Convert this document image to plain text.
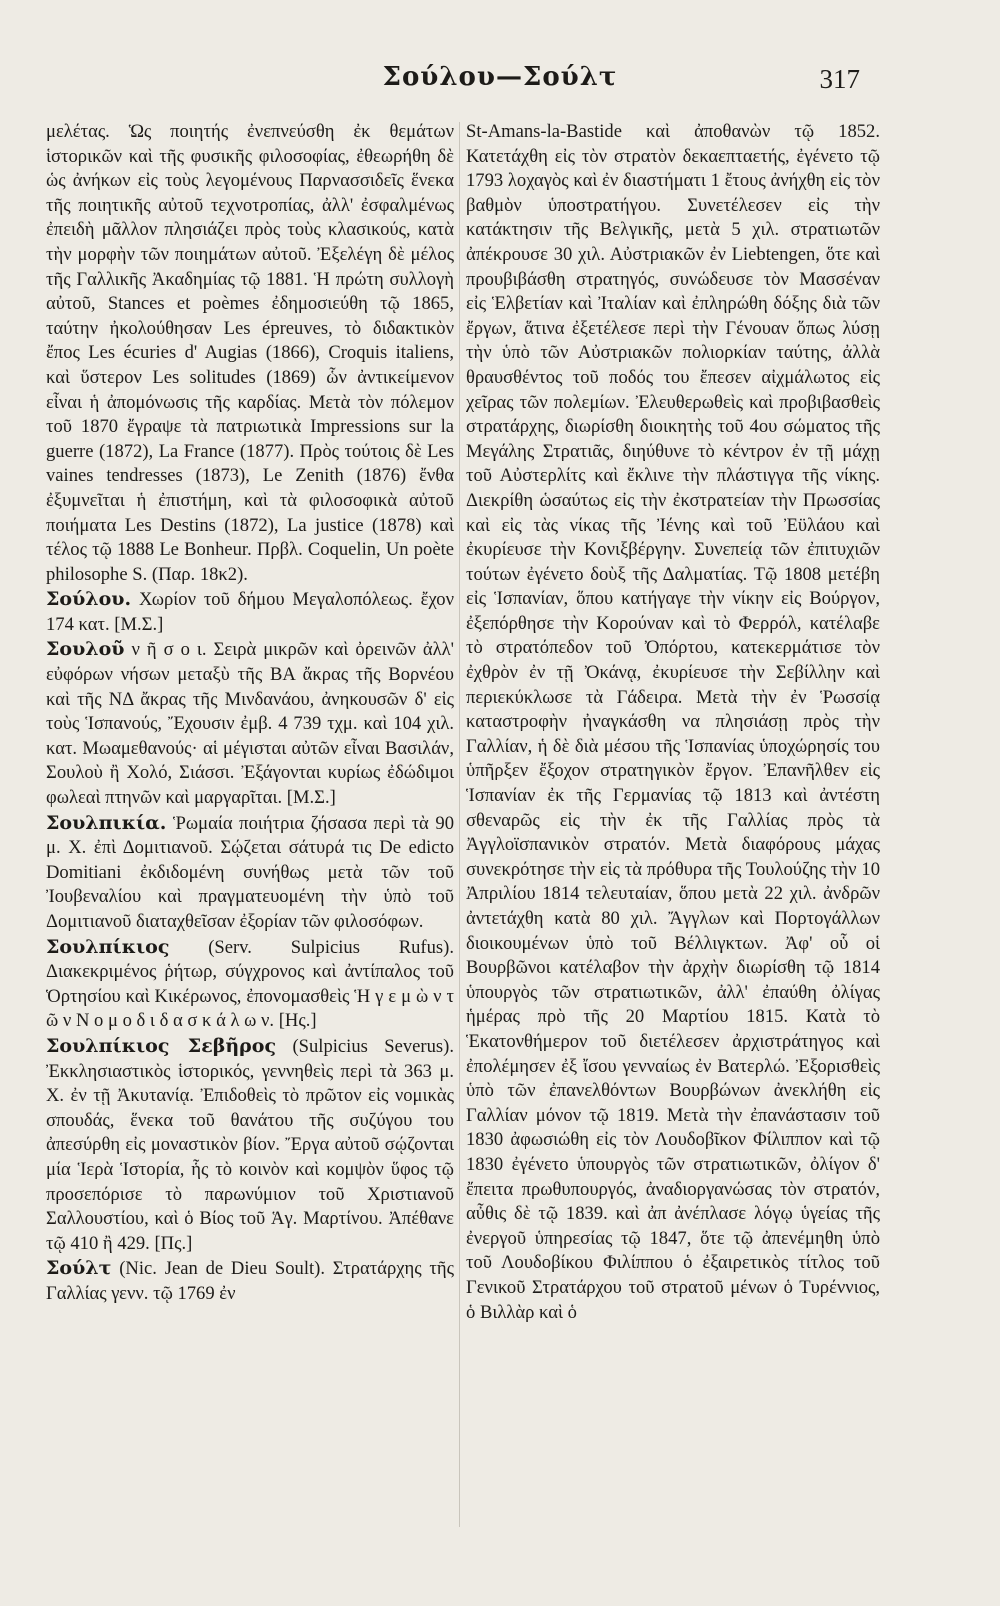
Σούλου—Σούλτ	317

μελέτας. Ὡς ποιητής ἐνεπνεύσθη ἐκ θεμάτων ἱστορικῶν καὶ τῆς φυσικῆς φιλοσοφίας, ἐθεωρήθη δὲ ὡς ἀνήκων εἰς τοὺς λεγομένους Παρνασσιδεῖς ἕνεκα τῆς ποιητικῆς αὐτοῦ τεχνοτροπίας, ἀλλ' ἐσφαλμένως ἐπειδὴ μᾶλλον πλησιάζει πρὸς τοὺς κλασικούς, κατὰ τὴν μορφὴν τῶν ποιημάτων αὐτοῦ. Ἐξελέγη δὲ μέλος τῆς Γαλλικῆς Ἀκαδημίας τῷ 1881. Ἡ πρώτη συλλογὴ αὐτοῦ, Stances et poèmes ἐδημοσιεύθη τῷ 1865, ταύτην ἠκολούθησαν Les épreuves, τὸ διδακτικὸν ἔπος Les écuries d' Augias (1866), Croquis italiens, καὶ ὕστερον Les solitudes (1869) ὧν ἀντικείμενον εἶναι ἡ ἀπομόνωσις τῆς καρδίας. Μετὰ τὸν πόλεμον τοῦ 1870 ἔγραψε τὰ πατριωτικὰ Impressions sur la guerre (1872), La France (1877). Πρὸς τούτοις δὲ Les vaines tendresses (1873), Le Zenith (1876) ἔνθα ἐξυμνεῖται ἡ ἐπιστήμη, καὶ τὰ φιλοσοφικὰ αὐτοῦ ποιήματα Les Destins (1872), La justice (1878) καὶ τέλος τῷ 1888 Le Bonheur. Πρβλ. Coquelin, Un poète philosophe S. (Παρ. 18κ2).

Σούλου. Χωρίον τοῦ δήμου Μεγαλοπόλεως. ἔχον 174 κατ. [Μ.Σ.]

Σουλοῦ ν ῆ σ ο ι. Σειρὰ μικρῶν καὶ ὀρεινῶν ἀλλ' εὐφόρων νήσων μεταξὺ τῆς ΒΑ ἄκρας τῆς Βορνέου καὶ τῆς ΝΔ ἄκρας τῆς Μινδανάου, ἀνηκουσῶν δ' εἰς τοὺς Ἱσπανούς, Ἔχουσιν ἐμβ. 4 739 τχμ. καὶ 104 χιλ. κατ. Μωαμεθανούς· αἱ μέγισται αὐτῶν εἶναι Βασιλάν, Σουλοὺ ἢ Χολό, Σιάσσι. Ἐξάγονται κυρίως ἐδώδιμοι φωλεαὶ πτηνῶν καὶ μαργαρῖται. [Μ.Σ.]

Σουλπικία. Ῥωμαία ποιήτρια ζήσασα περὶ τὰ 90 μ. Χ. ἐπὶ Δομιτιανοῦ. Σῴζεται σάτυρά τις De edicto Domitiani ἐκδιδομένη συνήθως μετὰ τῶν τοῦ Ἰουβεναλίου καὶ πραγματευομένη τὴν ὑπὸ τοῦ Δομιτιανοῦ διαταχθεῖσαν ἐξορίαν τῶν φιλοσόφων.

Σουλπίκιος (Serv. Sulpicius Rufus). Διακεκριμένος ῥήτωρ, σύγχρονος καὶ ἀντίπαλος τοῦ Ὁρτησίου καὶ Κικέρωνος, ἐπονομασθεὶς Ἡ γ ε μ ὼ ν τ ῶ ν Ν ο μ ο δ ι δ α σ κ ά λ ω ν. [Ης.]

Σουλπίκιος Σεβῆρος (Sulpicius Severus). Ἐκκλησιαστικὸς ἱστορικός, γεννηθεὶς περὶ τὰ 363 μ. Χ. ἐν τῇ Ἀκυτανίᾳ. Ἐπιδοθεὶς τὸ πρῶτον εἰς νομικὰς σπουδάς, ἕνεκα τοῦ θανάτου τῆς συζύγου του ἀπεσύρθη εἰς μοναστικὸν βίον. Ἔργα αὐτοῦ σῴζονται μία Ἱερὰ Ἱστορία, ἧς τὸ κοινὸν καὶ κομψὸν ὕφος τῷ προσεπόρισε τὸ παρωνύμιον τοῦ Χριστιανοῦ Σαλλουστίου, καὶ ὁ Βίος τοῦ Ἁγ. Μαρτίνου. Ἀπέθανε τῷ 410 ἢ 429. [Πς.]

Σούλτ (Nic. Jean de Dieu Soult). Στρατάρχης τῆς Γαλλίας γενν. τῷ 1769 ἐν

St-Amans-la-Bastide καὶ ἀποθανὼν τῷ 1852. Κατετάχθη εἰς τὸν στρατὸν δεκαεπταετής, ἐγένετο τῷ 1793 λοχαγὸς καὶ ἐν διαστήματι 1 ἔτους ἀνήχθη εἰς τὸν βαθμὸν ὑποστρατήγου. Συνετέλεσεν εἰς τὴν κατάκτησιν τῆς Βελγικῆς, μετὰ 5 χιλ. στρατιωτῶν ἀπέκρουσε 30 χιλ. Αὐστριακῶν ἐν Liebtengen, ὅτε καὶ προυβιβάσθη στρατηγός, συνώδευσε τὸν Μασσέναν εἰς Ἑλβετίαν καὶ Ἰταλίαν καὶ ἐπληρώθη δόξης διὰ τῶν ἔργων, ἅτινα ἐξετέλεσε περὶ τὴν Γένουαν ὅπως λύσῃ τὴν ὑπὸ τῶν Αὐστριακῶν πολιορκίαν ταύτης, ἀλλὰ θραυσθέντος τοῦ ποδός του ἔπεσεν αἰχμάλωτος εἰς χεῖρας τῶν πολεμίων. Ἐλευθερωθεὶς καὶ προβιβασθεὶς στρατάρχης, διωρίσθη διοικητὴς τοῦ 4ου σώματος τῆς Μεγάλης Στρατιᾶς, διηύθυνε τὸ κέντρον ἐν τῇ μάχῃ τοῦ Αὐστερλίτς καὶ ἔκλινε τὴν πλάστιγγα τῆς νίκης. Διεκρίθη ὡσαύτως εἰς τὴν ἐκστρατείαν τὴν Πρωσσίας καὶ εἰς τὰς νίκας τῆς Ἰένης καὶ τοῦ Ἐϋλάου καὶ ἐκυρίευσε τὴν Κονιξβέργην. Συνεπείᾳ τῶν ἐπιτυχιῶν τούτων ἐγένετο δοὺξ τῆς Δαλματίας. Τῷ 1808 μετέβη εἰς Ἱσπανίαν, ὅπου κατήγαγε τὴν νίκην εἰς Βούργον, ἐξεπόρθησε τὴν Κορούναν καὶ τὸ Φερρόλ, κατέλαβε τὸ στρατόπεδον τοῦ Ὀπόρτου, κατεκερμάτισε τὸν ἐχθρὸν ἐν τῇ Ὀκάνᾳ, ἐκυρίευσε τὴν Σεβίλλην καὶ περιεκύκλωσε τὰ Γάδειρα. Μετὰ τὴν ἐν Ῥωσσίᾳ καταστροφὴν ἠναγκάσθη να πλησιάσῃ πρὸς τὴν Γαλλίαν, ἡ δὲ διὰ μέσου τῆς Ἱσπανίας ὑποχώρησίς του ὑπῆρξεν ἔξοχον στρατηγικὸν ἔργον. Ἐπανῆλθεν εἰς Ἱσπανίαν ἐκ τῆς Γερμανίας τῷ 1813 καὶ ἀντέστη σθεναρῶς εἰς τὴν ἐκ τῆς Γαλλίας πρὸς τὰ Ἀγγλοϊσπανικὸν στρατόν. Μετὰ διαφόρους μάχας συνεκρότησε τὴν εἰς τὰ πρόθυρα τῆς Τουλούζης τὴν 10 Ἀπριλίου 1814 τελευταίαν, ὅπου μετὰ 22 χιλ. ἀνδρῶν ἀντετάχθη κατὰ 80 χιλ. Ἄγγλων καὶ Πορτογάλλων διοικουμένων ὑπὸ τοῦ Βέλλιγκτων. Ἀφ' οὗ οἱ Βουρβῶνοι κατέλαβον τὴν ἀρχὴν διωρίσθη τῷ 1814 ὑπουργὸς τῶν στρατιωτικῶν, ἀλλ' ἐπαύθη ὀλίγας ἡμέρας πρὸ τῆς 20 Μαρτίου 1815. Κατὰ τὸ Ἑκατονθήμερον τοῦ διετέλεσεν ἀρχιστράτηγος καὶ ἐπολέμησεν ἐξ ἴσου γενναίως ἐν Βατερλώ. Ἐξορισθεὶς ὑπὸ τῶν ἐπανελθόντων Βουρβώνων ἀνεκλήθη εἰς Γαλλίαν μόνον τῷ 1819. Μετὰ τὴν ἐπανάστασιν τοῦ 1830 ἀφωσιώθη εἰς τὸν Λουδοβῖκον Φίλιππον καὶ τῷ 1830 ἐγένετο ὑπουργὸς τῶν στρατιωτικῶν, ὀλίγον δ' ἔπειτα πρωθυπουργός, ἀναδιοργανώσας τὸν στρατόν, αὖθις δὲ τῷ 1839. καὶ ἀπ ἀνέπλασε λόγῳ ὑγείας τῆς ἐνεργοῦ ὑπηρεσίας τῷ 1847, ὅτε τῷ ἀπενέμηθη ὑπὸ τοῦ Λουδοβίκου Φιλίππου ὁ ἐξαιρετικὸς τίτλος τοῦ Γενικοῦ Στρατάρχου τοῦ στρατοῦ μένων ὁ Τυρέννιος, ὁ Βιλλὰρ καὶ ὁ
